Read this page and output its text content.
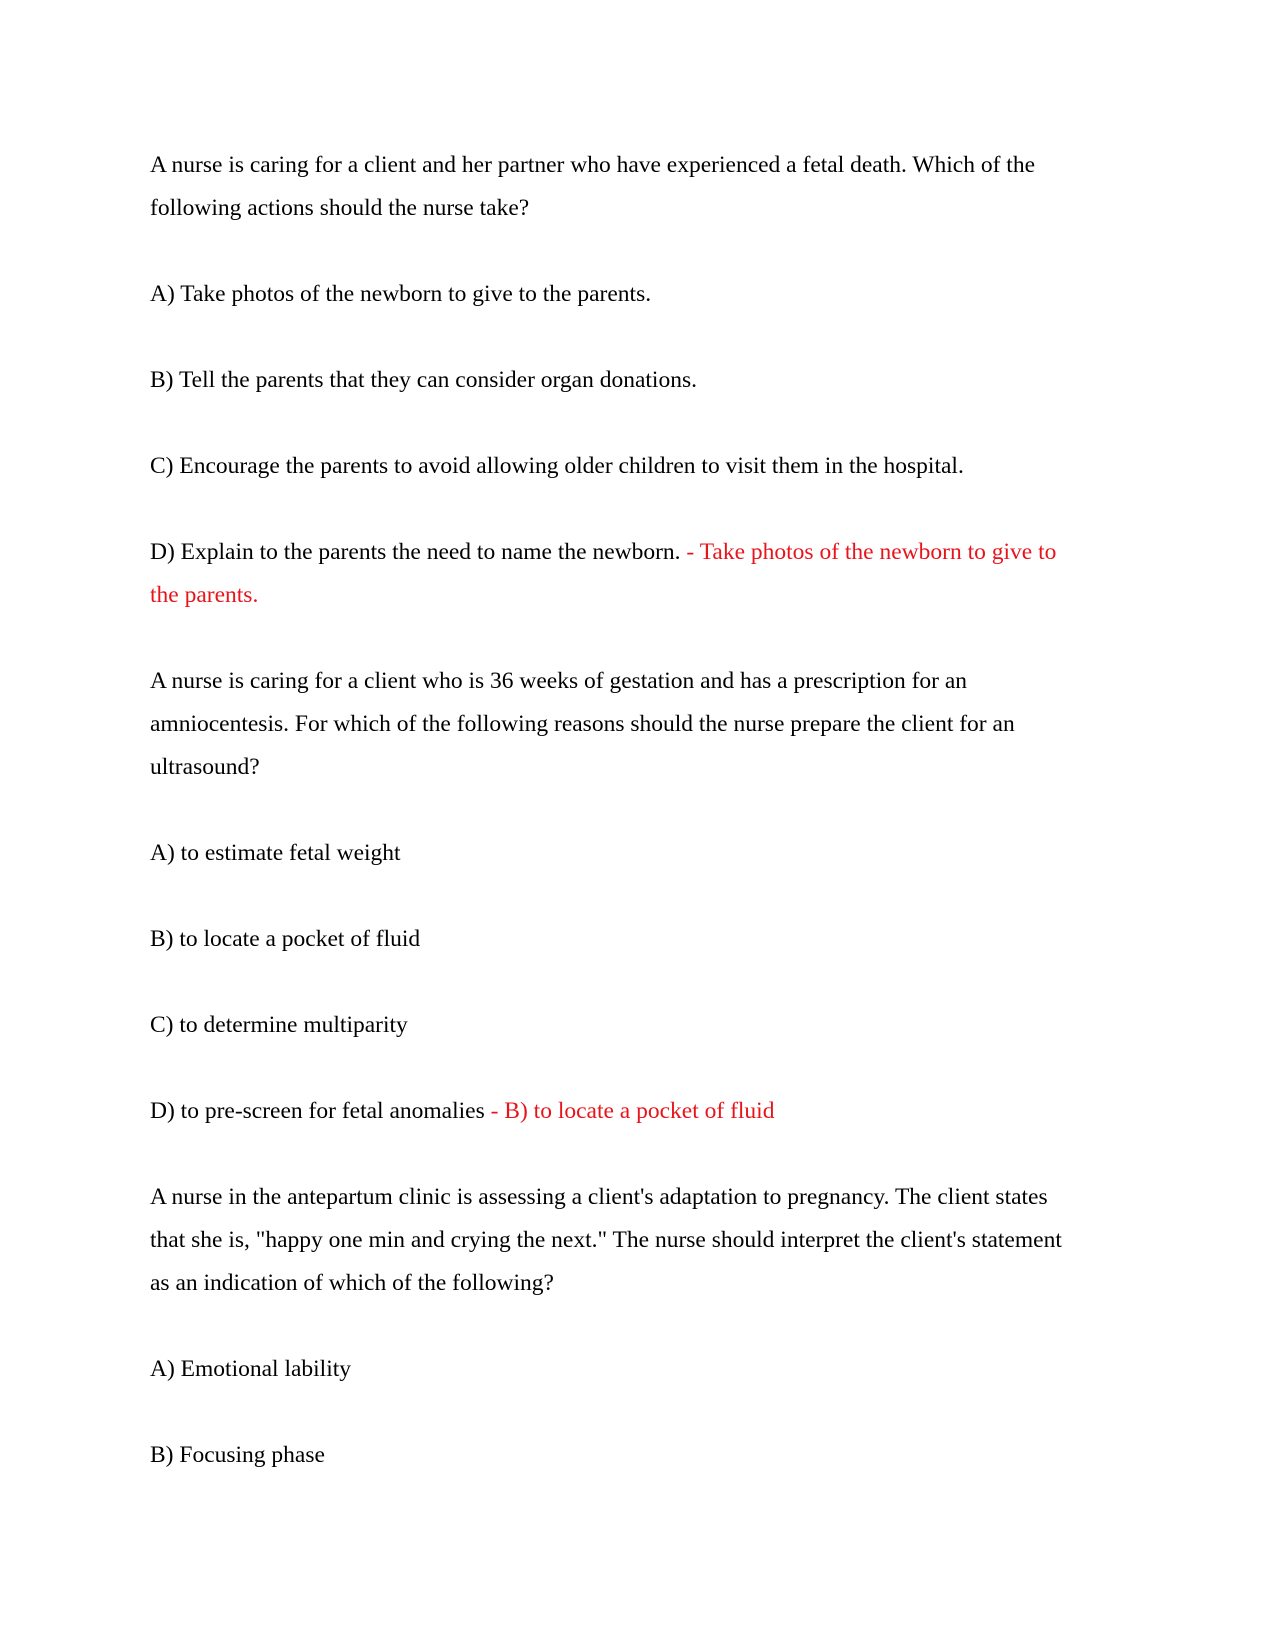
A nurse is caring for a client and her partner who have experienced a fetal death. Which of the
following actions should the nurse take?
A) Take photos of the newborn to give to the parents.
B) Tell the parents that they can consider organ donations.
C) Encourage the parents to avoid allowing older children to visit them in the hospital.
D) Explain to the parents the need to name the newborn. - Take photos of the newborn to give to
the parents.
A nurse is caring for a client who is 36 weeks of gestation and has a prescription for an
amniocentesis. For which of the following reasons should the nurse prepare the client for an
ultrasound?
A) to estimate fetal weight
B) to locate a pocket of fluid
C) to determine multiparity
D) to pre-screen for fetal anomalies - B) to locate a pocket of fluid
A nurse in the antepartum clinic is assessing a client's adaptation to pregnancy. The client states
that she is, "happy one min and crying the next." The nurse should interpret the client's statement
as an indication of which of the following?
A) Emotional lability
B) Focusing phase
